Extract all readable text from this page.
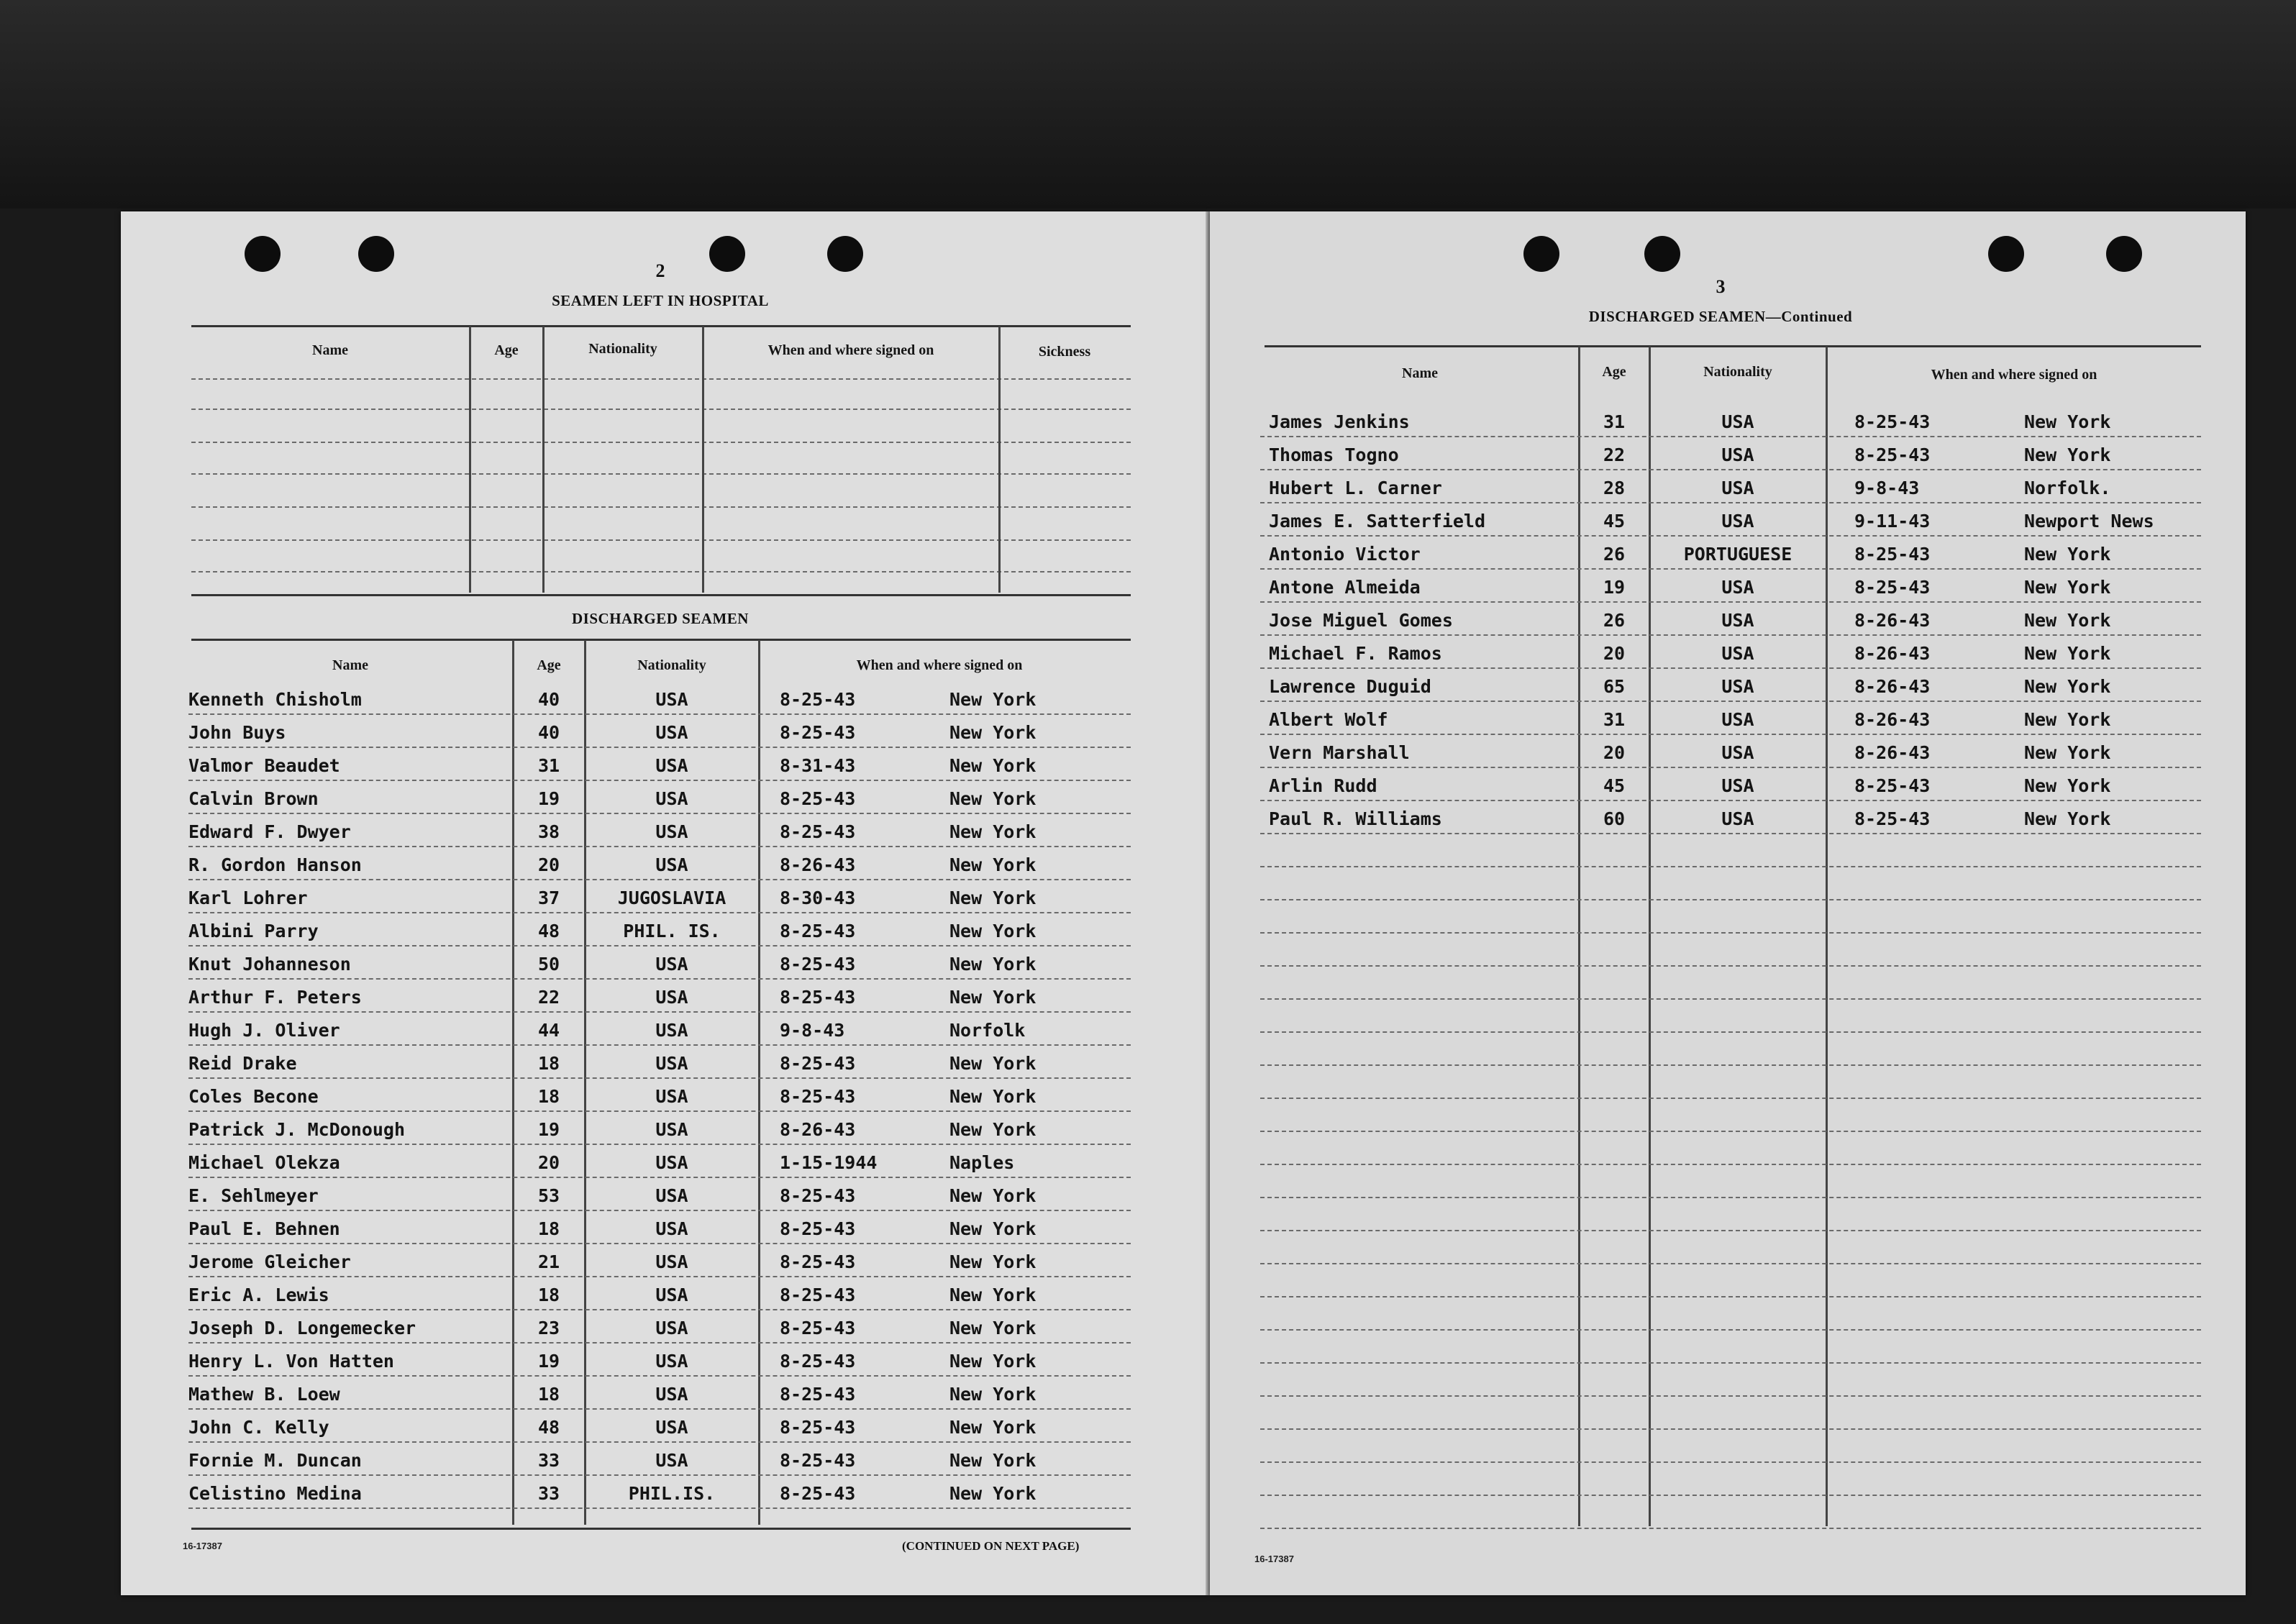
2
SEAMEN LEFT IN HOSPITAL
Name	Age	Nationality	When and where signed on	Sickness
DISCHARGED SEAMEN
Name	Age	Nationality	When and where signed on
16-17387	(CONTINUED ON NEXT PAGE)
Kenneth Chisholm	40	USA	8-25-43	New York
John Buys	40	USA	8-25-43	New York
Valmor Beaudet	31	USA	8-31-43	New York
Calvin Brown	19	USA	8-25-43	New York
Edward F. Dwyer	38	USA	8-25-43	New York
R. Gordon Hanson	20	USA	8-26-43	New York
Karl Lohrer	37	JUGOSLAVIA	8-30-43	New York
Albini Parry	48	PHIL. IS.	8-25-43	New York
Knut Johanneson	50	USA	8-25-43	New York
Arthur F. Peters	22	USA	8-25-43	New York
Hugh J. Oliver	44	USA	9-8-43	Norfolk
Reid Drake	18	USA	8-25-43	New York
Coles Becone	18	USA	8-25-43	New York
Patrick J. McDonough	19	USA	8-26-43	New York
Michael Olekza	20	USA	1-15-1944	Naples
E. Sehlmeyer	53	USA	8-25-43	New York
Paul E. Behnen	18	USA	8-25-43	New York
Jerome Gleicher	21	USA	8-25-43	New York
Eric A. Lewis	18	USA	8-25-43	New York
Joseph D. Longemecker	23	USA	8-25-43	New York
Henry L. Von Hatten	19	USA	8-25-43	New York
Mathew B. Loew	18	USA	8-25-43	New York
John C. Kelly	48	USA	8-25-43	New York
Fornie M. Duncan	33	USA	8-25-43	New York
Celistino Medina	33	PHIL.IS.	8-25-43	New York
3
DISCHARGED SEAMEN—Continued
Name	Age	Nationality	When and where signed on
16-17387
James Jenkins	31	USA	8-25-43	New York
Thomas Togno	22	USA	8-25-43	New York
Hubert L. Carner	28	USA	9-8-43	Norfolk.
James E. Satterfield	45	USA	9-11-43	Newport News
Antonio Victor	26	PORTUGUESE	8-25-43	New York
Antone Almeida	19	USA	8-25-43	New York
Jose Miguel Gomes	26	USA	8-26-43	New York
Michael F. Ramos	20	USA	8-26-43	New York
Lawrence Duguid	65	USA	8-26-43	New York
Albert Wolf	31	USA	8-26-43	New York
Vern Marshall	20	USA	8-26-43	New York
Arlin Rudd	45	USA	8-25-43	New York
Paul R. Williams	60	USA	8-25-43	New York
